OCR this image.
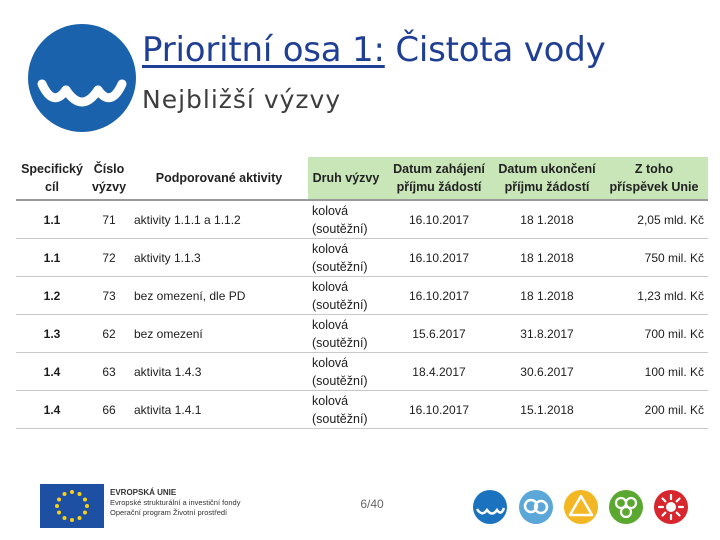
Prioritní osa 1: Čistota vody
Nejbližší výzvy
Specifický
cíl	Číslo
výzvy	Podporované aktivity	Druh výzvy	Datum zahájení
příjmu žádostí	Datum ukončení
příjmu žádostí	Z toho
příspěvek Unie

1.1	71	aktivity 1.1.1 a 1.1.2	kolová
(soutěžní)	16.10.2017	18 1.2018	2,05 mld. Kč
1.1	72	aktivity 1.1.3	kolová
(soutěžní)	16.10.2017	18 1.2018	750 mil. Kč
1.2	73	bez omezení, dle PD	kolová
(soutěžní)	16.10.2017	18 1.2018	1,23 mld. Kč
1.3	62	bez omezení	kolová
(soutěžní)	15.6.2017	31.8.2017	700 mil. Kč
1.4	63	aktivita 1.4.3	kolová
(soutěžní)	18.4.2017	30.6.2017	100 mil. Kč
1.4	66	aktivita 1.4.1	kolová
(soutěžní)	16.10.2017	15.1.2018	200 mil. Kč
EVROPSKÁ UNIE
Evropské strukturální a investiční fondy
Operační program Životní prostředí
6/40
